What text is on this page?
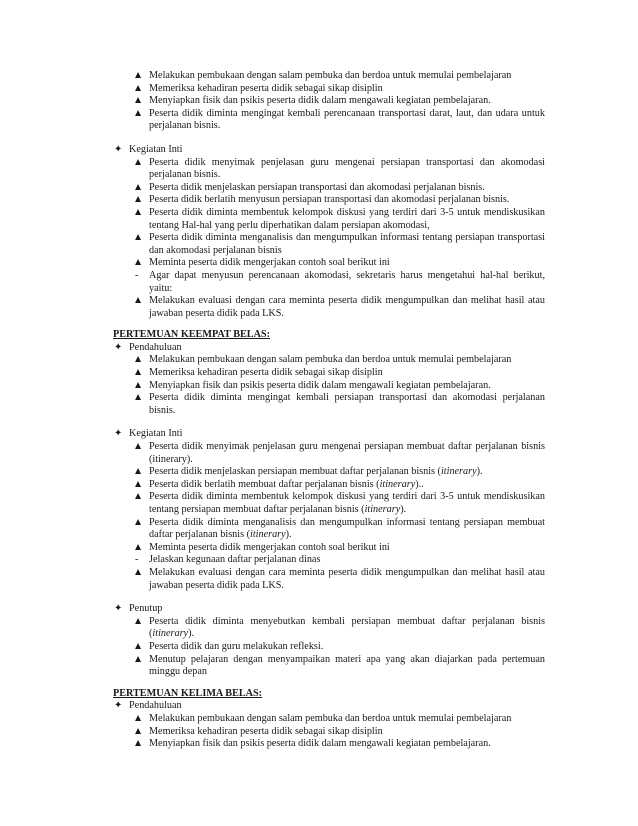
▲ Melakukan pembukaan dengan salam pembuka dan berdoa untuk memulai pembelajaran
▲ Memeriksa kehadiran peserta didik sebagai sikap disiplin
▲ Menyiapkan fisik dan psikis peserta didik dalam mengawali kegiatan pembelajaran.
▲ Peserta didik diminta mengingat kembali perencanaan transportasi darat, laut, dan udara untuk perjalanan bisnis.
✦ Kegiatan Inti
▲ Peserta didik menyimak penjelasan guru mengenai persiapan transportasi dan akomodasi perjalanan bisnis.
▲ Peserta didik menjelaskan persiapan transportasi dan akomodasi perjalanan bisnis.
▲ Peserta didik berlatih menyusun persiapan transportasi dan akomodasi perjalanan bisnis.
▲ Peserta didik diminta membentuk kelompok diskusi yang terdiri dari 3-5 untuk mendiskusikan tentang Hal-hal yang perlu diperhatikan dalam persiapan akomodasi,
▲ Peserta didik diminta menganalisis dan mengumpulkan informasi tentang persiapan transportasi dan akomodasi perjalanan bisnis
▲ Meminta peserta didik mengerjakan contoh soal berikut ini
- Agar dapat menyusun perencanaan akomodasi, sekretaris harus mengetahui hal-hal berikut, yaitu:
▲ Melakukan evaluasi dengan cara meminta peserta didik mengumpulkan dan melihat hasil atau jawaban peserta didik pada LKS.
PERTEMUAN KEEMPAT BELAS:
✦ Pendahuluan
▲ Melakukan pembukaan dengan salam pembuka dan berdoa untuk memulai pembelajaran
▲ Memeriksa kehadiran peserta didik sebagai sikap disiplin
▲ Menyiapkan fisik dan psikis peserta didik dalam mengawali kegiatan pembelajaran.
▲ Peserta didik diminta mengingat kembali persiapan transportasi dan akomodasi perjalanan bisnis.
✦ Kegiatan Inti
▲ Peserta didik menyimak penjelasan guru mengenai persiapan membuat daftar perjalanan bisnis (itinerary).
▲ Peserta didik menjelaskan persiapan membuat daftar perjalanan bisnis (itinerary).
▲ Peserta didik berlatih membuat daftar perjalanan bisnis (itinerary)..
▲ Peserta didik diminta membentuk kelompok diskusi yang terdiri dari 3-5 untuk mendiskusikan tentang persiapan membuat daftar perjalanan bisnis (itinerary).
▲ Peserta didik diminta menganalisis dan mengumpulkan informasi tentang persiapan membuat daftar perjalanan bisnis (itinerary).
▲ Meminta peserta didik mengerjakan contoh soal berikut ini
- Jelaskan kegunaan daftar perjalanan dinas
▲ Melakukan evaluasi dengan cara meminta peserta didik mengumpulkan dan melihat hasil atau jawaban peserta didik pada LKS.
✦ Penutup
▲ Peserta didik diminta menyebutkan kembali persiapan membuat daftar perjalanan bisnis (itinerary).
▲ Peserta didik dan guru melakukan refleksi.
▲ Menutup pelajaran dengan menyampaikan materi apa yang akan diajarkan pada pertemuan minggu depan
PERTEMUAN KELIMA BELAS:
✦ Pendahuluan
▲ Melakukan pembukaan dengan salam pembuka dan berdoa untuk memulai pembelajaran
▲ Memeriksa kehadiran peserta didik sebagai sikap disiplin
▲ Menyiapkan fisik dan psikis peserta didik dalam mengawali kegiatan pembelajaran.
